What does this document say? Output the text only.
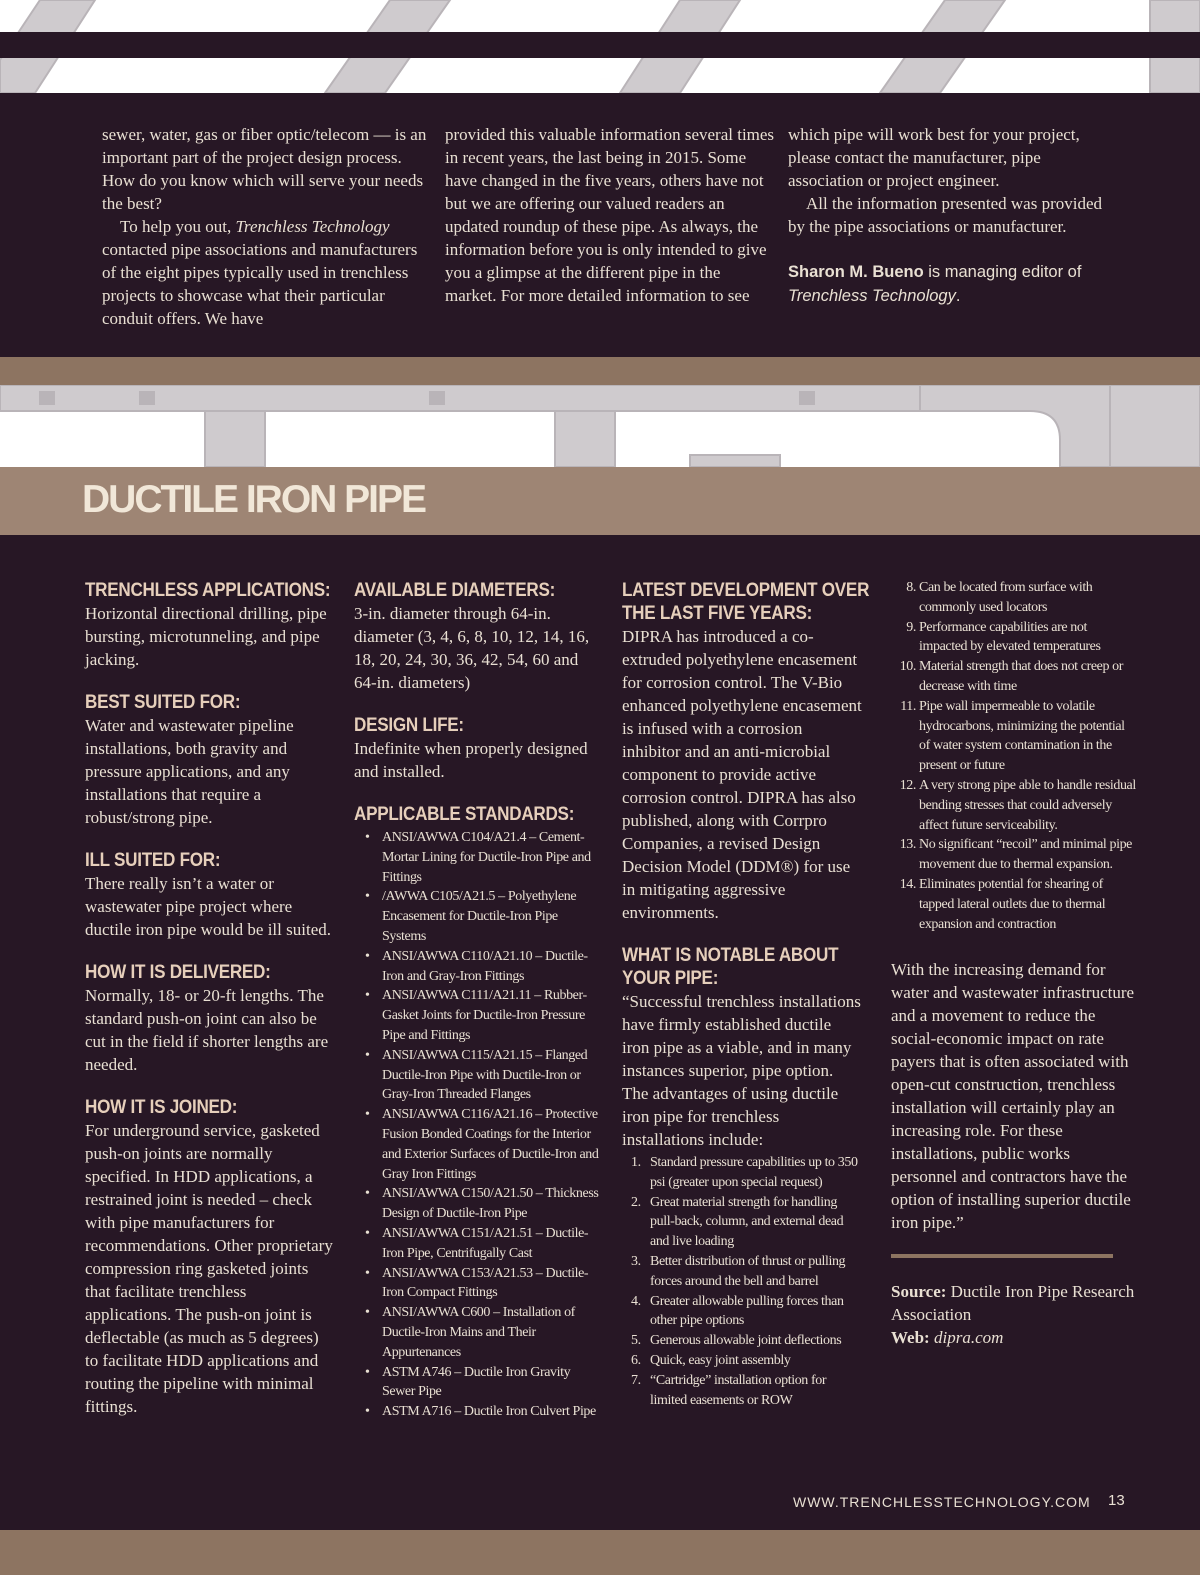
sewer, water, gas or fiber optic/telecom — is an important part of the project design process. How do you know which will serve your needs the best?

To help you out, Trenchless Technology contacted pipe associations and manufacturers of the eight pipes typically used in trenchless projects to showcase what their particular conduit offers. We have

provided this valuable information several times in recent years, the last being in 2015. Some have changed in the five years, others have not but we are offering our valued readers an updated roundup of these pipe. As always, the information before you is only intended to give you a glimpse at the different pipe in the market. For more detailed information to see

which pipe will work best for your project, please contact the manufacturer, pipe association or project engineer.

All the information presented was provided by the pipe associations or manufacturer.

Sharon M. Bueno is managing editor of Trenchless Technology.

DUCTILE IRON PIPE
TRENCHLESS APPLICATIONS:

Horizontal directional drilling, pipe bursting, microtunneling, and pipe jacking.

BEST SUITED FOR:

Water and wastewater pipeline installations, both gravity and pressure applications, and any installations that require a robust/strong pipe.

ILL SUITED FOR:

There really isn’t a water or wastewater pipe project where ductile iron pipe would be ill suited.

HOW IT IS DELIVERED:

Normally, 18- or 20-ft lengths. The standard push-on joint can also be cut in the field if shorter lengths are needed.

HOW IT IS JOINED:

For underground service, gasketed push-on joints are normally specified. In HDD applications, a restrained joint is needed – check with pipe manufacturers for recommendations. Other proprietary compression ring gasketed joints that facilitate trenchless applications. The push-on joint is deflectable (as much as 5 degrees) to facilitate HDD applications and routing the pipeline with minimal fittings.

AVAILABLE DIAMETERS:

3-in. diameter through 64-in. diameter (3, 4, 6, 8, 10, 12, 14, 16, 18, 20, 24, 30, 36, 42, 54, 60 and 64-in. diameters)

DESIGN LIFE:

Indefinite when properly designed and installed.

APPLICABLE STANDARDS:
• ANSI/AWWA C104/A21.4 – Cement-Mortar Lining for Ductile-Iron Pipe and Fittings
• /AWWA C105/A21.5 – Polyethylene Encasement for Ductile-Iron Pipe Systems
• ANSI/AWWA C110/A21.10 – Ductile-Iron and Gray-Iron Fittings
• ANSI/AWWA C111/A21.11 – Rubber-Gasket Joints for Ductile-Iron Pressure Pipe and Fittings
• ANSI/AWWA C115/A21.15 – Flanged Ductile-Iron Pipe with Ductile-Iron or Gray-Iron Threaded Flanges
• ANSI/AWWA C116/A21.16 – Protective Fusion Bonded Coatings for the Interior and Exterior Surfaces of Ductile-Iron and Gray Iron Fittings
• ANSI/AWWA C150/A21.50 – Thickness Design of Ductile-Iron Pipe
• ANSI/AWWA C151/A21.51 – Ductile-Iron Pipe, Centrifugally Cast
• ANSI/AWWA C153/A21.53 – Ductile-Iron Compact Fittings
• ANSI/AWWA C600 – Installation of Ductile-Iron Mains and Their Appurtenances
• ASTM A746 – Ductile Iron Gravity Sewer Pipe
• ASTM A716 – Ductile Iron Culvert Pipe
LATEST DEVELOPMENT OVER
THE LAST FIVE YEARS:

DIPRA has introduced a co-extruded polyethylene encasement for corrosion control. The V-Bio enhanced polyethylene encasement is infused with a corrosion inhibitor and an anti-microbial component to provide active corrosion control. DIPRA has also published, along with Corrpro Companies, a revised Design Decision Model (DDM®) for use in mitigating aggressive environments.

WHAT IS NOTABLE ABOUT
YOUR PIPE:

“Successful trenchless installations have firmly established ductile iron pipe as a viable, and in many instances superior, pipe option. The advantages of using ductile iron pipe for trenchless installations include:

1. Standard pressure capabilities up to 350 psi (greater upon special request)
2. Great material strength for handling pull-back, column, and external dead and live loading
3. Better distribution of thrust or pulling forces around the bell and barrel
4. Greater allowable pulling forces than other pipe options
5. Generous allowable joint deflections
6. Quick, easy joint assembly
7. “Cartridge” installation option for limited easements or ROW
8. Can be located from surface with commonly used locators
9. Performance capabilities are not impacted by elevated temperatures
10. Material strength that does not creep or decrease with time
11. Pipe wall impermeable to volatile hydrocarbons, minimizing the potential of water system contamination in the present or future
12. A very strong pipe able to handle residual bending stresses that could adversely affect future serviceability.
13. No significant “recoil” and minimal pipe movement due to thermal expansion.
14. Eliminates potential for shearing of tapped lateral outlets due to thermal expansion and contraction

With the increasing demand for water and wastewater infrastructure and a movement to reduce the social-economic impact on rate payers that is often associated with open-cut construction, trenchless installation will certainly play an increasing role. For these installations, public works personnel and contractors have the option of installing superior ductile iron pipe.”

Source: Ductile Iron Pipe Research Association

Web: dipra.com

WWW.TRENCHLESSTECHNOLOGY.COM 13
